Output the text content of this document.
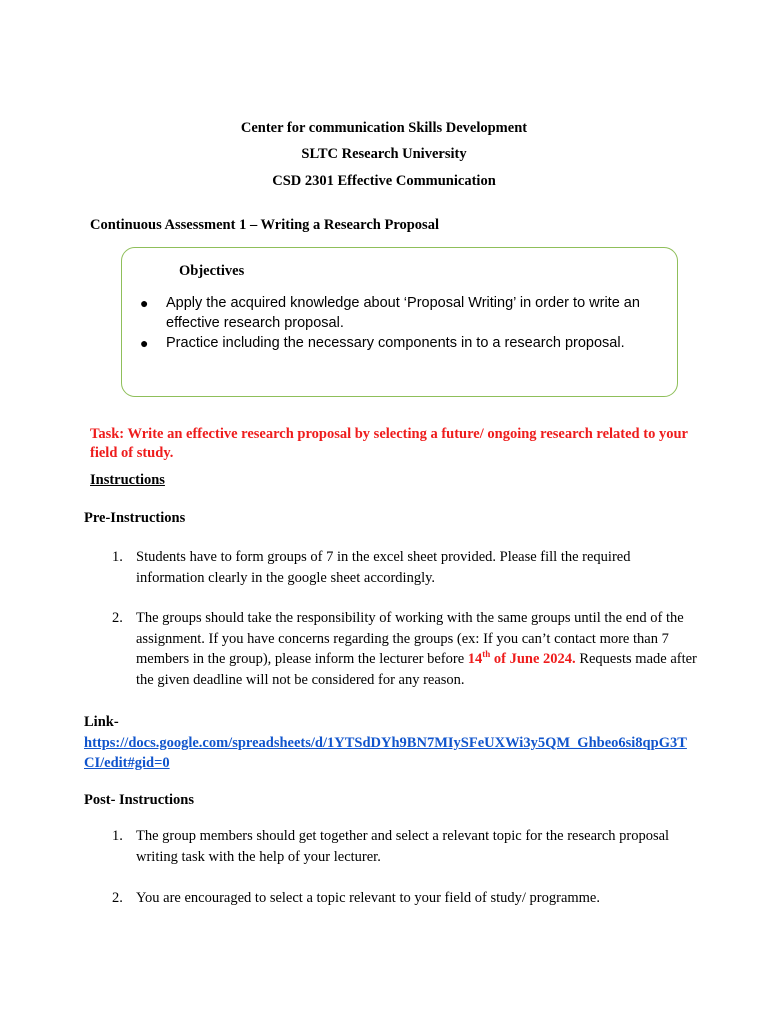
Center for communication Skills Development
SLTC Research University
CSD 2301 Effective Communication
Continuous Assessment 1 – Writing a Research Proposal
Objectives
● Apply the acquired knowledge about ‘Proposal Writing’ in order to write an effective research proposal.
● Practice including the necessary components in to a research proposal.
Task: Write an effective research proposal by selecting a future/ ongoing research related to your field of study.
Instructions
Pre-Instructions
1. Students have to form groups of 7 in the excel sheet provided. Please fill the required information clearly in the google sheet accordingly.
2. The groups should take the responsibility of working with the same groups until the end of the assignment. If you have concerns regarding the groups (ex: If you can’t contact more than 7 members in the group), please inform the lecturer before 14th of June 2024. Requests made after the given deadline will not be considered for any reason.
Link-
https://docs.google.com/spreadsheets/d/1YTSdDYh9BN7MIySFeUXWi3y5QM_Ghbeo6si8qpG3TCI/edit#gid=0
Post- Instructions
1. The group members should get together and select a relevant topic for the research proposal writing task with the help of your lecturer.
2. You are encouraged to select a topic relevant to your field of study/ programme.
